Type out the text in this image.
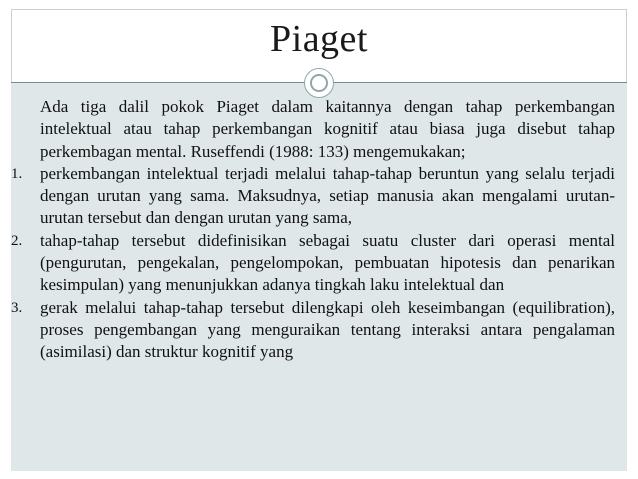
Piaget
Ada tiga dalil pokok Piaget dalam kaitannya dengan tahap perkembangan intelektual atau tahap perkembangan kognitif atau biasa juga disebut tahap perkembagan mental. Ruseffendi (1988: 133) mengemukakan;
1. perkembangan intelektual terjadi melalui tahap-tahap beruntun yang selalu terjadi dengan urutan yang sama. Maksudnya, setiap manusia akan mengalami urutan-urutan tersebut dan dengan urutan yang sama,
2. tahap-tahap tersebut didefinisikan sebagai suatu cluster dari operasi mental (pengurutan, pengekalan, pengelompokan, pembuatan hipotesis dan penarikan kesimpulan) yang menunjukkan adanya tingkah laku intelektual dan
3. gerak melalui tahap-tahap tersebut dilengkapi oleh keseimbangan (equilibration), proses pengembangan yang menguraikan tentang interaksi antara pengalaman (asimilasi) dan struktur kognitif yang
